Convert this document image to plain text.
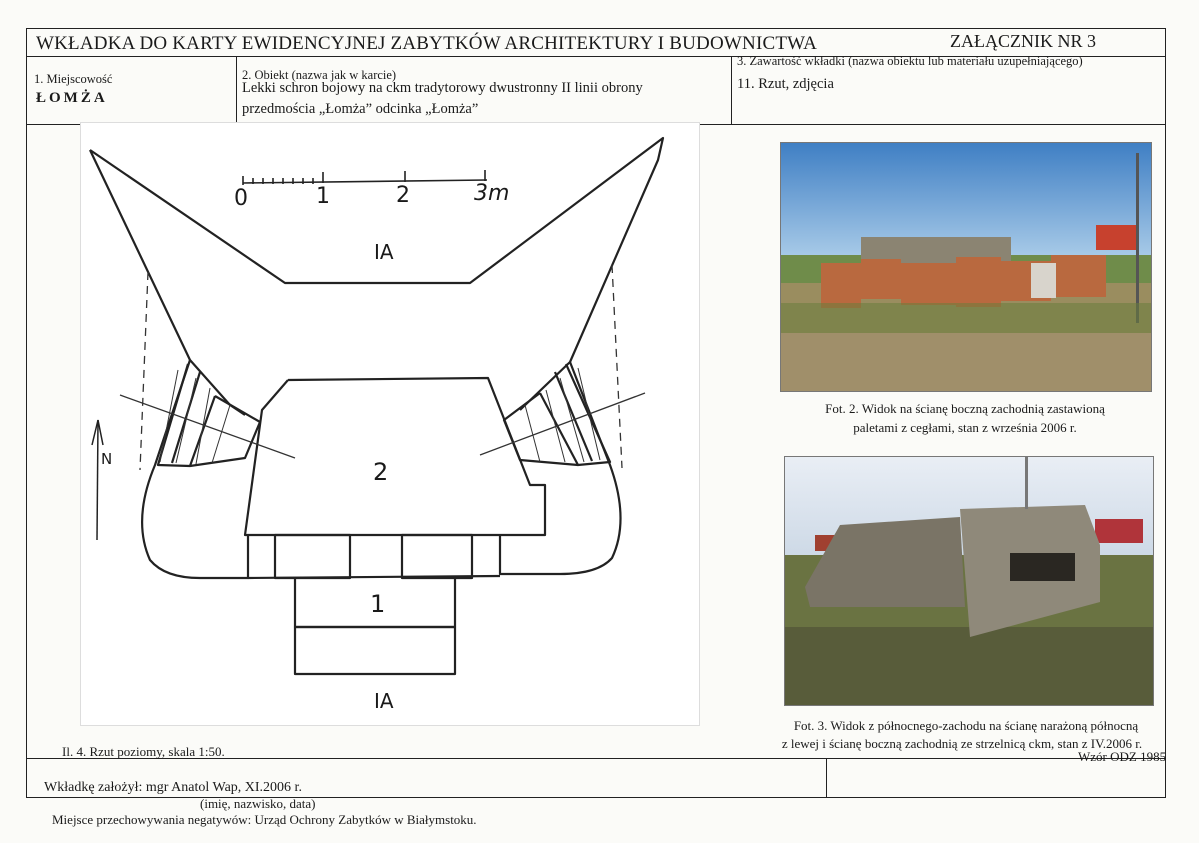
WKŁADKA DO KARTY EWIDENCYJNEJ ZABYTKÓW ARCHITEKTURY I BUDOWNICTWA	ZAŁĄCZNIK NR 3
1. Miejscowość
ŁOMŻA
2. Obiekt (nazwa jak w karcie)
Lekki schron bojowy na ckm tradytorowy dwustronny II linii obrony
przedmościa „Łomża” odcinka „Łomża”
3. Zawartość wkładki (nazwa obiektu lub materiału uzupełniającego)
11. Rzut, zdjęcia
0	1	2	3m
IA
IA
N	2
1
Il. 4. Rzut poziomy, skala 1:50.
Fot. 2. Widok na ścianę boczną zachodnią zastawioną
paletami z cegłami, stan z września 2006 r.
Fot. 3. Widok z północnego-zachodu na ścianę narażoną północną
z lewej i ścianę boczną zachodnią ze strzelnicą ckm, stan z IV.2006 r.
Wzór ODZ 1985
Wkładkę założył: mgr Anatol Wap, XI.2006 r.
(imię, nazwisko, data)
Miejsce przechowywania negatywów: Urząd Ochrony Zabytków w Białymstoku.
